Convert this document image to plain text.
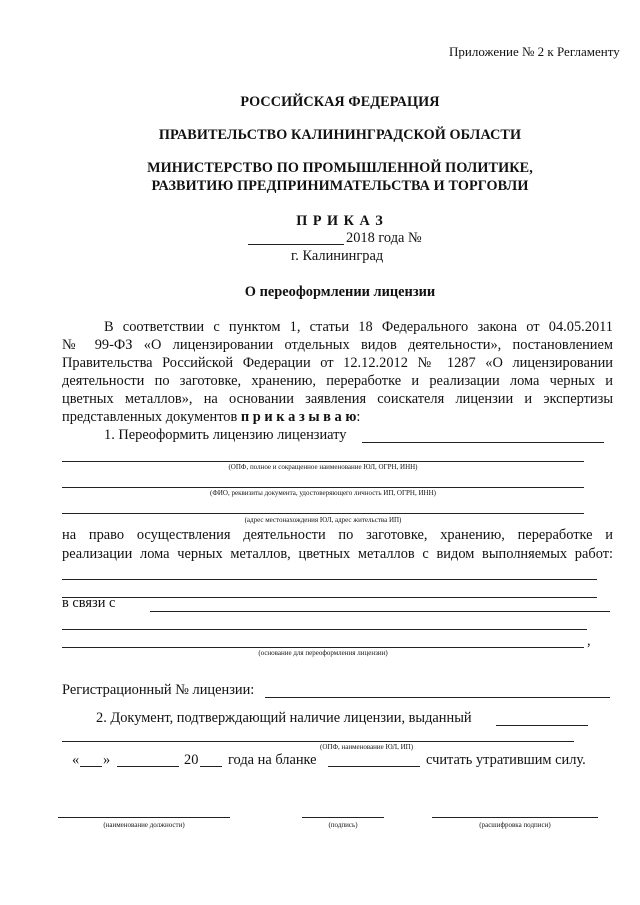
Приложение № 2 к Регламенту
РОССИЙСКАЯ ФЕДЕРАЦИЯ
ПРАВИТЕЛЬСТВО КАЛИНИНГРАДСКОЙ ОБЛАСТИ
МИНИСТЕРСТВО ПО ПРОМЫШЛЕННОЙ ПОЛИТИКЕ,
РАЗВИТИЮ ПРЕДПРИНИМАТЕЛЬСТВА И ТОРГОВЛИ
П Р И К А З
2018 года №
г. Калининград
О переоформлении лицензии
В соответствии с пунктом 1, статьи 18 Федерального закона от 04.05.2011
№ 99-ФЗ «О лицензировании отдельных видов деятельности», постановлением
Правительства Российской Федерации от 12.12.2012 № 1287 «О лицензировании
деятельности по заготовке, хранению, переработке и реализации лома черных и
цветных металлов», на основании заявления соискателя лицензии и экспертизы
представленных документов п р и к а з ы в а ю:
1. Переоформить лицензию лицензиату
(ОПФ, полное и сокращенное наименование ЮЛ, ОГРН, ИНН)
(ФИО, реквизиты документа, удостоверяющего личность ИП, ОГРН, ИНН)
(адрес местонахождения ЮЛ, адрес жительства ИП)
на право осуществления деятельности по заготовке, хранению, переработке и
реализации лома черных металлов, цветных металлов с видом выполняемых работ:
в связи с
,
(основание для переоформления лицензии)
Регистрационный № лицензии:
2. Документ, подтверждающий наличие лицензии, выданный
(ОПФ, наименование ЮЛ, ИП)
« »	20 года на бланке	считать утратившим силу.
(наименование должности)	(подпись)	(расшифровка подписи)
